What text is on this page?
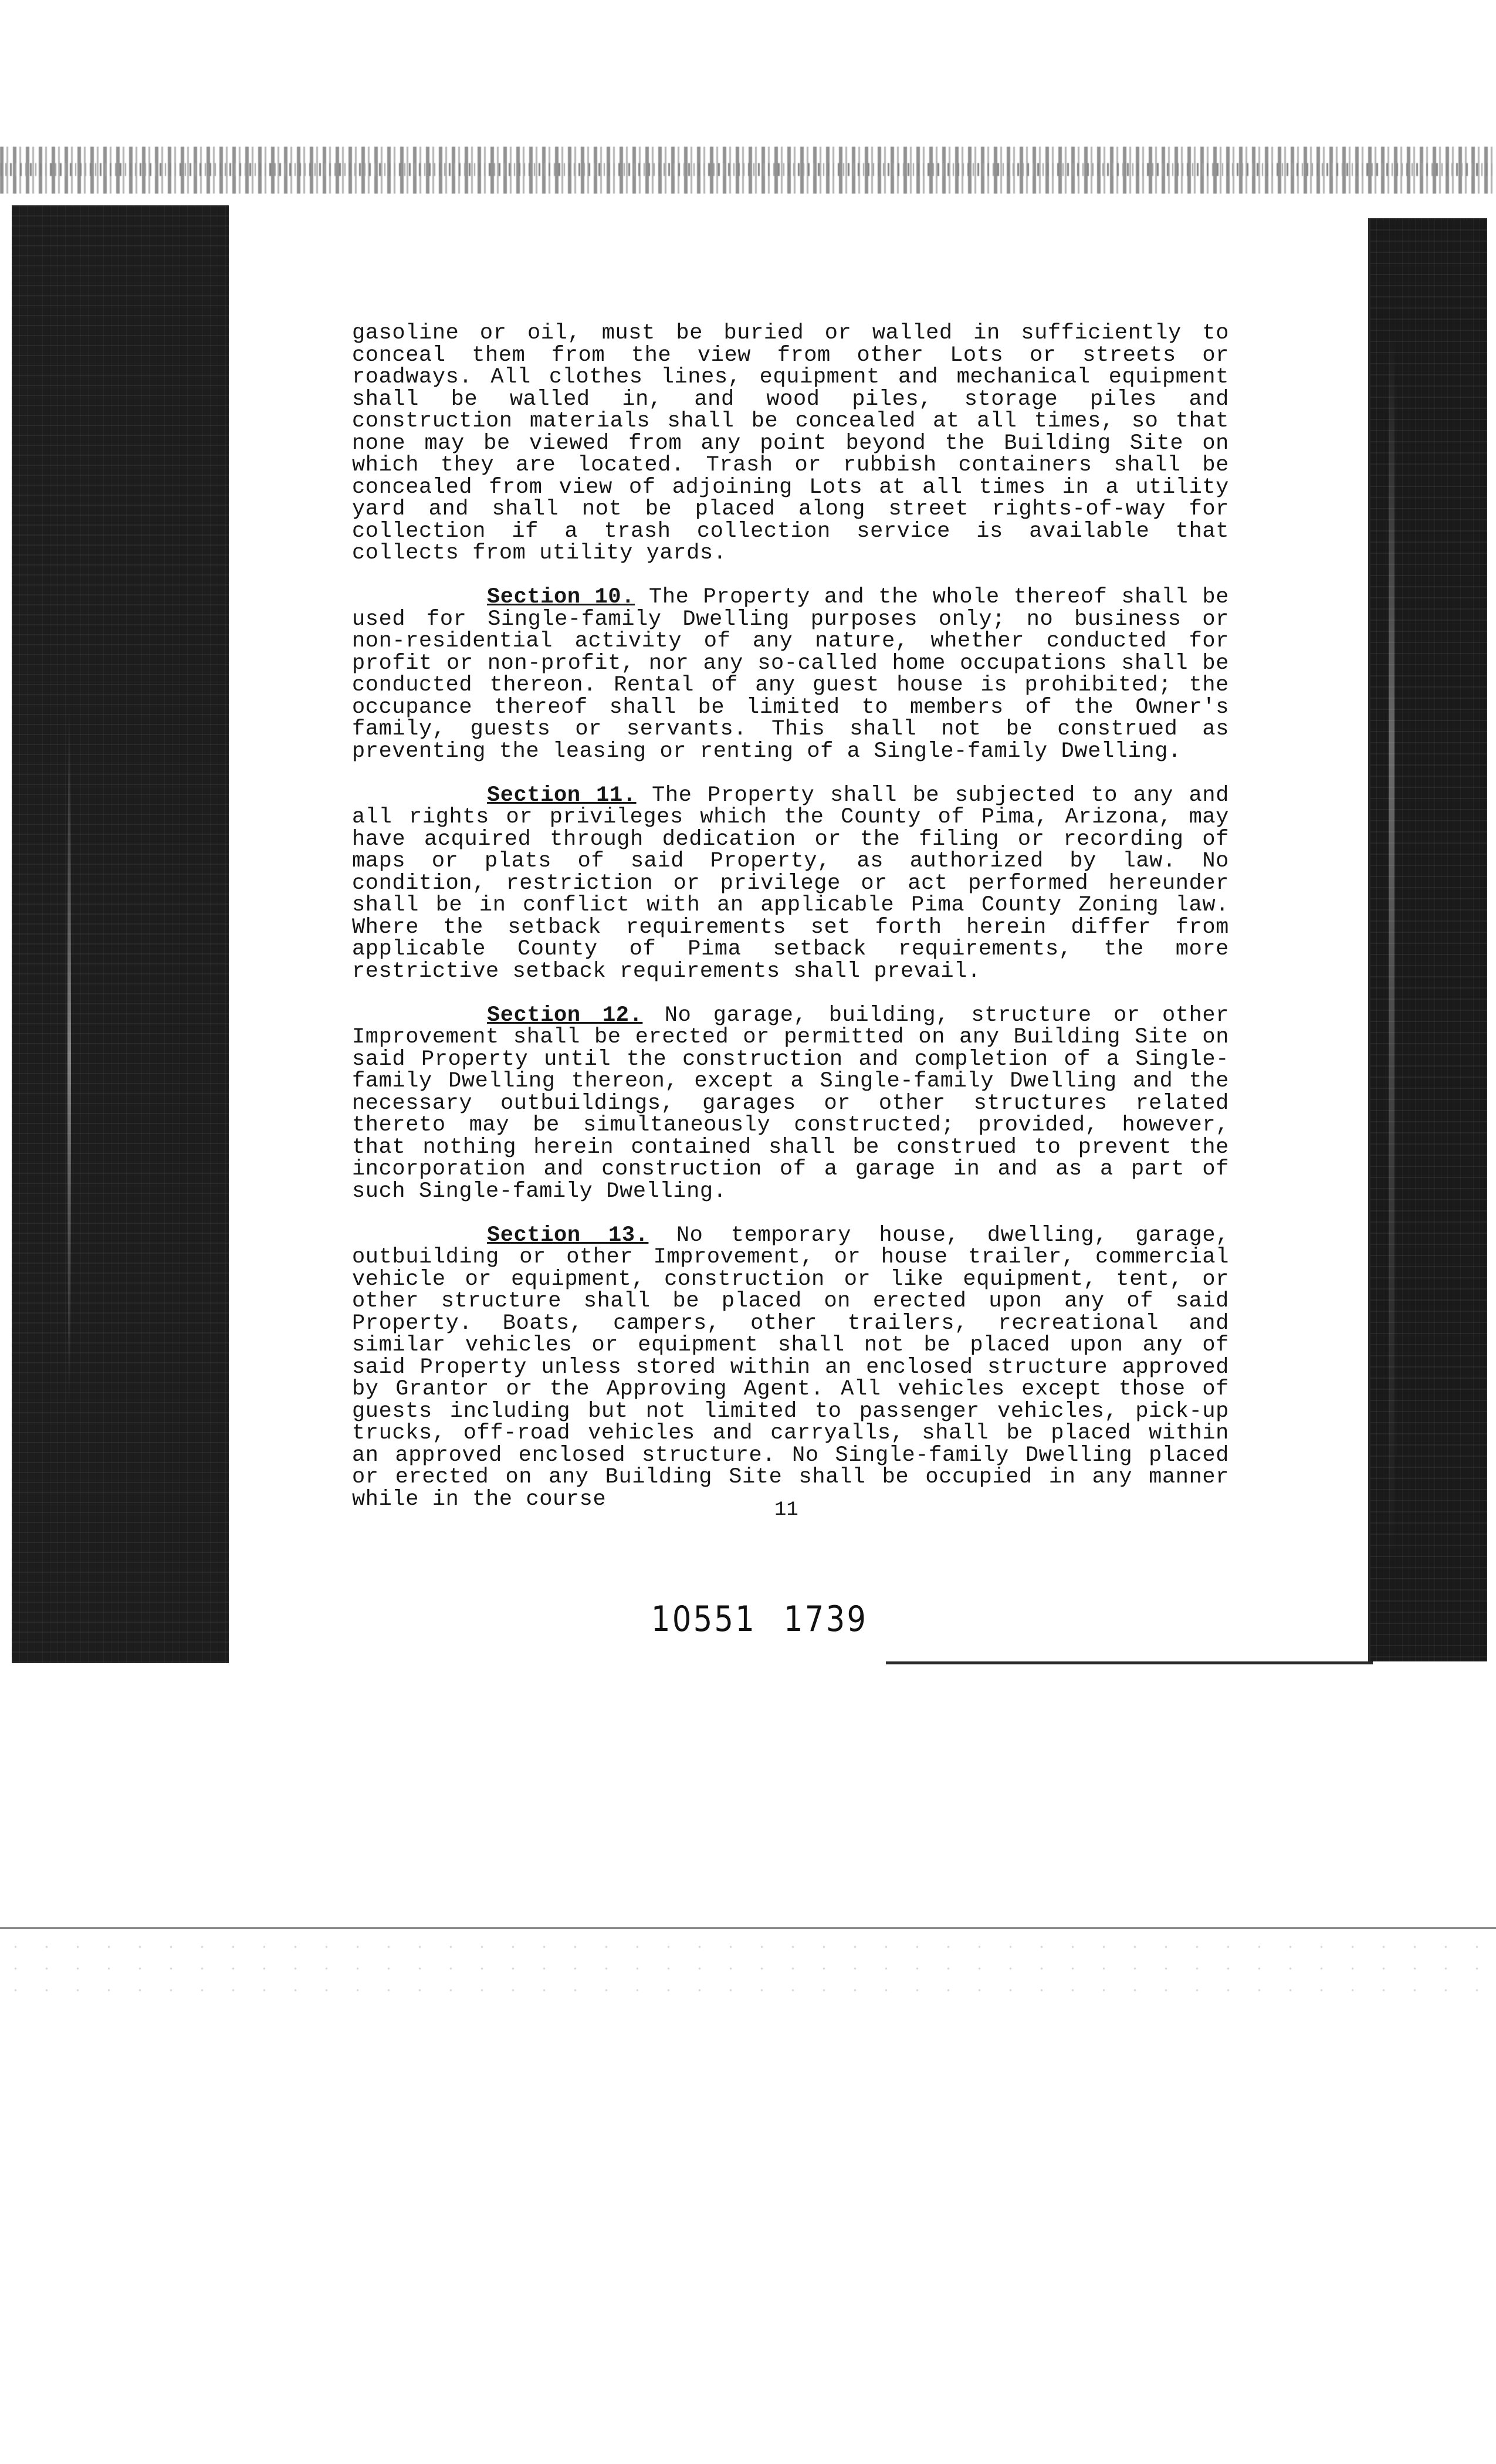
gasoline or oil, must be buried or walled in sufficiently to conceal them from the view from other Lots or streets or roadways. All clothes lines, equipment and mechanical equipment shall be walled in, and wood piles, storage piles and construction materials shall be concealed at all times, so that none may be viewed from any point beyond the Building Site on which they are located. Trash or rubbish containers shall be concealed from view of adjoining Lots at all times in a utility yard and shall not be placed along street rights-of-way for collection if a trash collection service is available that collects from utility yards.

Section 10. The Property and the whole thereof shall be used for Single-family Dwelling purposes only; no business or non-residential activity of any nature, whether conducted for profit or non-profit, nor any so-called home occupations shall be conducted thereon. Rental of any guest house is prohibited; the occupance thereof shall be limited to members of the Owner's family, guests or servants. This shall not be construed as preventing the leasing or renting of a Single-family Dwelling.

Section 11. The Property shall be subjected to any and all rights or privileges which the County of Pima, Arizona, may have acquired through dedication or the filing or recording of maps or plats of said Property, as authorized by law. No condition, restriction or privilege or act performed hereunder shall be in conflict with an applicable Pima County Zoning law. Where the setback requirements set forth herein differ from applicable County of Pima setback requirements, the more restrictive setback requirements shall prevail.

Section 12. No garage, building, structure or other Improvement shall be erected or permitted on any Building Site on said Property until the construction and completion of a Single-family Dwelling thereon, except a Single-family Dwelling and the necessary outbuildings, garages or other structures related thereto may be simultaneously constructed; provided, however, that nothing herein contained shall be construed to prevent the incorporation and construction of a garage in and as a part of such Single-family Dwelling.

Section 13. No temporary house, dwelling, garage, outbuilding or other Improvement, or house trailer, commercial vehicle or equipment, construction or like equipment, tent, or other structure shall be placed on erected upon any of said Property. Boats, campers, other trailers, recreational and similar vehicles or equipment shall not be placed upon any of said Property unless stored within an enclosed structure approved by Grantor or the Approving Agent. All vehicles except those of guests including but not limited to passenger vehicles, pick-up trucks, off-road vehicles and carryalls, shall be placed within an approved enclosed structure. No Single-family Dwelling placed or erected on any Building Site shall be occupied in any manner while in the course	11
10551 1739
